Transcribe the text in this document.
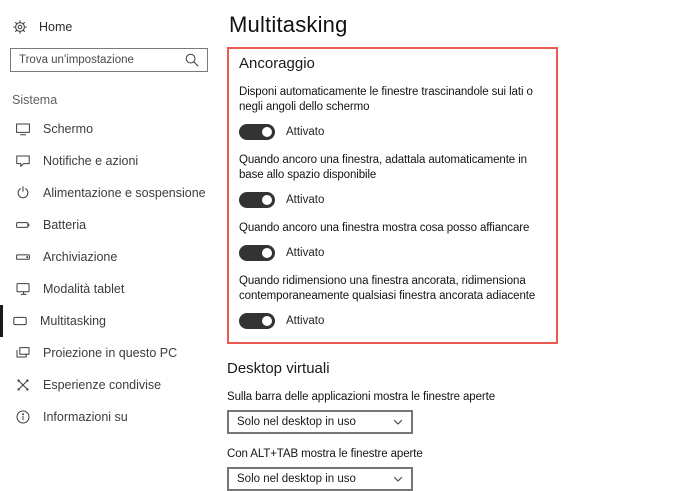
Home
Trova un'impostazione
Sistema
Schermo
Notifiche e azioni
Alimentazione e sospensione
Batteria
Archiviazione
Modalità tablet
Multitasking
Proiezione in questo PC
Esperienze condivise
Informazioni su
Multitasking
Ancoraggio
Disponi automaticamente le finestre trascinandole sui lati o negli angoli dello schermo
Attivato
Quando ancoro una finestra, adattala automaticamente in base allo spazio disponibile
Attivato
Quando ancoro una finestra mostra cosa posso affiancare
Attivato
Quando ridimensiono una finestra ancorata, ridimensiona contemporaneamente qualsiasi finestra ancorata adiacente
Attivato
Desktop virtuali
Sulla barra delle applicazioni mostra le finestre aperte
Solo nel desktop in uso
Con ALT+TAB mostra le finestre aperte
Solo nel desktop in uso
